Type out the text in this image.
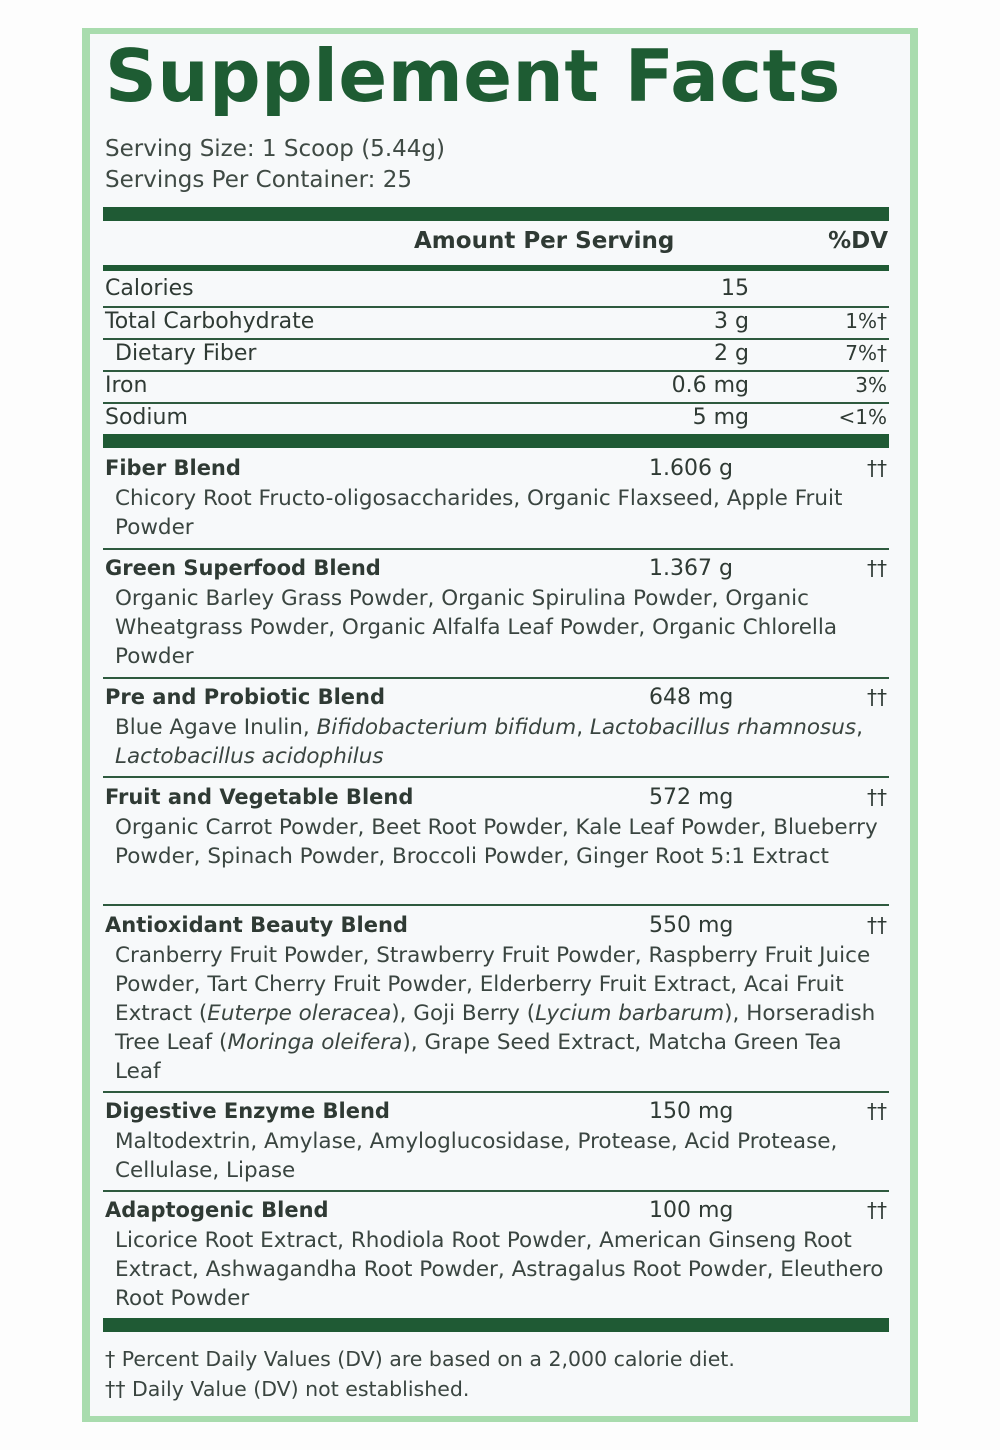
Supplement Facts
Serving Size: 1 Scoop (5.44g)
Servings Per Container: 25
Amount Per Serving	%DV
Calories	15
Total Carbohydrate	3 g	1%†
Dietary Fiber	2 g	7%†
Iron	0.6 mg	3%
Sodium	5 mg	<1%
Fiber Blend	1.606 g	††
Chicory Root Fructo-oligosaccharides, Organic Flaxseed, Apple Fruit Powder
Green Superfood Blend	1.367 g	††
Organic Barley Grass Powder, Organic Spirulina Powder, Organic Wheatgrass Powder, Organic Alfalfa Leaf Powder, Organic Chlorella Powder
Pre and Probiotic Blend	648 mg	††
Blue Agave Inulin, Bifidobacterium bifidum, Lactobacillus rhamnosus, Lactobacillus acidophilus
Fruit and Vegetable Blend	572 mg	††
Organic Carrot Powder, Beet Root Powder, Kale Leaf Powder, Blueberry Powder, Spinach Powder, Broccoli Powder, Ginger Root 5:1 Extract
Antioxidant Beauty Blend	550 mg	††
Cranberry Fruit Powder, Strawberry Fruit Powder, Raspberry Fruit Juice Powder, Tart Cherry Fruit Powder, Elderberry Fruit Extract, Acai Fruit Extract (Euterpe oleracea), Goji Berry (Lycium barbarum), Horseradish Tree Leaf (Moringa oleifera), Grape Seed Extract, Matcha Green Tea Leaf
Digestive Enzyme Blend	150 mg	††
Maltodextrin, Amylase, Amyloglucosidase, Protease, Acid Protease, Cellulase, Lipase
Adaptogenic Blend	100 mg	††
Licorice Root Extract, Rhodiola Root Powder, American Ginseng Root Extract, Ashwagandha Root Powder, Astragalus Root Powder, Eleuthero Root Powder
† Percent Daily Values (DV) are based on a 2,000 calorie diet.
†† Daily Value (DV) not established.
